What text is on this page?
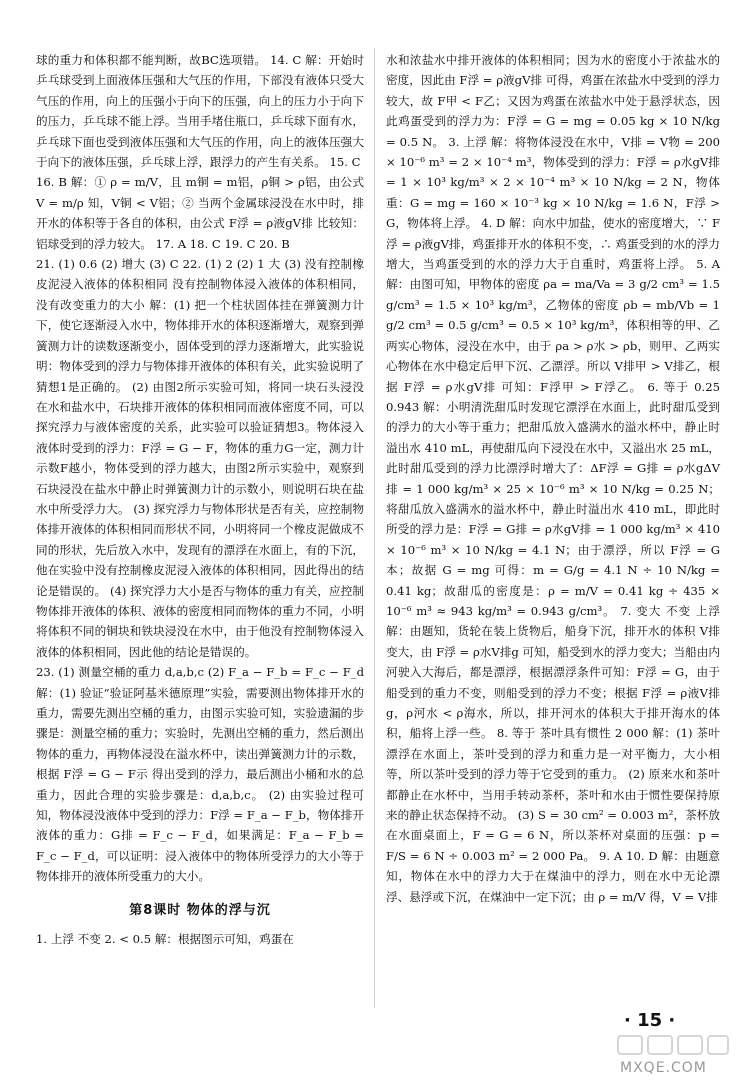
球的重力和体积都不能判断，故BC选项错。 14. C 解：开始时乒乓球受到上面液体压强和大气压的作用，下部没有液体只受大气压的作用，向上的压强小于向下的压强，向上的压力小于向下的压力，乒乓球不能上浮。当用手堵住瓶口，乒乓球下面有水，乒乓球下面也受到液体压强和大气压的作用，向上的液体压强大于向下的液体压强，乒乓球上浮，跟浮力的产生有关系。 15. C

16. B 解：① ρ = m/V，且 m铜 = m铝，ρ铜 > ρ铝，由公式 V = m/ρ 知，V铜 < V铝；② 当两个金属球浸没在水中时，排开水的体积等于各自的体积，由公式 F浮 = ρ液gV排 比较知：铝球受到的浮力较大。 17. A 18. C 19. C 20. B

21. (1) 0.6 (2) 增大 (3) C 22. (1) 2 (2) 1 大 (3) 没有控制橡皮泥浸入液体的体积相同 没有控制物体浸入液体的体积相同，没有改变重力的大小 解：(1) 把一个柱状固体挂在弹簧测力计下，使它逐渐浸入水中，物体排开水的体积逐渐增大，观察到弹簧测力计的读数逐渐变小，固体受到的浮力逐渐增大，此实验说明：物体受到的浮力与物体排开液体的体积有关，此实验说明了猜想1是正确的。 (2) 由图2所示实验可知，将同一块石头浸没在水和盐水中，石块排开液体的体积相同而液体密度不同，可以探究浮力与液体密度的关系，此实验可以验证猜想3。物体浸入液体时受到的浮力：F浮 = G − F，物体的重力G一定，测力计示数F越小，物体受到的浮力越大，由图2所示实验中，观察到石块浸没在盐水中静止时弹簧测力计的示数小，则说明石块在盐水中所受浮力大。 (3) 探究浮力与物体形状是否有关，应控制物体排开液体的体积相同而形状不同，小明将同一个橡皮泥做成不同的形状，先后放入水中，发现有的漂浮在水面上，有的下沉，他在实验中没有控制橡皮泥浸入液体的体积相同，因此得出的结论是错误的。 (4) 探究浮力大小是否与物体的重力有关，应控制物体排开液体的体积、液体的密度相同而物体的重力不同，小明将体积不同的铜块和铁块浸没在水中，由于他没有控制物体浸入液体的体积相同，因此他的结论是错误的。

23. (1) 测量空桶的重力 d,a,b,c (2) F_a − F_b = F_c − F_d 解：(1) 验证“验证阿基米德原理”实验，需要测出物体排开水的重力，需要先测出空桶的重力，由图示实验可知，实验遗漏的步骤是：测量空桶的重力；实验时，先测出空桶的重力，然后测出物体的重力，再物体浸没在溢水杯中，读出弹簧测力计的示数，根据 F浮 = G − F示 得出受到的浮力，最后测出小桶和水的总重力，因此合理的实验步骤是：d,a,b,c。 (2) 由实验过程可知，物体浸没液体中受到的浮力：F浮 = F_a − F_b，物体排开液体的重力：G排 = F_c − F_d，如果满足：F_a − F_b = F_c − F_d，可以证明：浸入液体中的物体所受浮力的大小等于物体排开的液体所受重力的大小。

第8课时 物体的浮与沉

1. 上浮 不变 2. < 0.5 解：根据图示可知，鸡蛋在

水和浓盐水中排开液体的体积相同；因为水的密度小于浓盐水的密度，因此由 F浮 = ρ液gV排 可得，鸡蛋在浓盐水中受到的浮力较大，故 F甲 < F乙；又因为鸡蛋在浓盐水中处于悬浮状态，因此鸡蛋受到的浮力为：F浮 = G = mg = 0.05 kg × 10 N/kg = 0.5 N。 3. 上浮 解：将物体浸没在水中，V排 = V物 = 200 × 10⁻⁶ m³ = 2 × 10⁻⁴ m³，物体受到的浮力：F浮 = ρ水gV排 = 1 × 10³ kg/m³ × 2 × 10⁻⁴ m³ × 10 N/kg = 2 N，物体重：G = mg = 160 × 10⁻³ kg × 10 N/kg = 1.6 N，F浮 > G，物体将上浮。 4. D 解：向水中加盐，使水的密度增大，∵ F浮 = ρ液gV排，鸡蛋排开水的体积不变，∴ 鸡蛋受到的水的浮力增大，当鸡蛋受到的水的浮力大于自重时，鸡蛋将上浮。 5. A 解：由图可知，甲物体的密度 ρa = ma/Va = 3 g/2 cm³ = 1.5 g/cm³ = 1.5 × 10³ kg/m³，乙物体的密度 ρb = mb/Vb = 1 g/2 cm³ = 0.5 g/cm³ = 0.5 × 10³ kg/m³，体积相等的甲、乙两实心物体，浸没在水中，由于 ρa > ρ水 > ρb，则甲、乙两实心物体在水中稳定后甲下沉、乙漂浮。所以 V排甲 > V排乙，根据 F浮 = ρ水gV排 可知：F浮甲 > F浮乙。 6. 等于 0.25 0.943 解：小明清洗甜瓜时发现它漂浮在水面上，此时甜瓜受到的浮力的大小等于重力；把甜瓜放入盛满水的溢水杯中，静止时溢出水 410 mL，再使甜瓜向下浸没在水中，又溢出水 25 mL，此时甜瓜受到的浮力比漂浮时增大了：ΔF浮 = G排 = ρ水gΔV排 = 1 000 kg/m³ × 25 × 10⁻⁶ m³ × 10 N/kg = 0.25 N；将甜瓜放入盛满水的溢水杯中，静止时溢出水 410 mL，即此时所受的浮力是：F浮 = G排 = ρ水gV排 = 1 000 kg/m³ × 410 × 10⁻⁶ m³ × 10 N/kg = 4.1 N；由于漂浮，所以 F浮 = G本；故据 G = mg 可得：m = G/g = 4.1 N ÷ 10 N/kg = 0.41 kg；故甜瓜的密度是：ρ = m/V = 0.41 kg ÷ 435 × 10⁻⁶ m³ ≈ 943 kg/m³ = 0.943 g/cm³。 7. 变大 不变 上浮 解：由题知，货轮在装上货物后，船身下沉，排开水的体积 V排 变大，由 F浮 = ρ水V排g 可知，船受到水的浮力变大；当船由内河驶入大海后，都是漂浮，根据漂浮条件可知：F浮 = G，由于船受到的重力不变，则船受到的浮力不变；根据 F浮 = ρ液V排g，ρ河水 < ρ海水，所以，排开河水的体积大于排开海水的体积，船将上浮一些。 8. 等于 茶叶具有惯性 2 000 解：(1) 茶叶漂浮在水面上，茶叶受到的浮力和重力是一对平衡力，大小相等，所以茶叶受到的浮力等于它受到的重力。 (2) 原来水和茶叶都静止在水杯中，当用手转动茶杯，茶叶和水由于惯性要保持原来的静止状态保持不动。 (3) S = 30 cm² = 0.003 m²，茶杯放在水面桌面上，F = G = 6 N，所以茶杯对桌面的压强：p = F/S = 6 N ÷ 0.003 m² = 2 000 Pa。 9. A 10. D 解：由题意知，物体在水中的浮力大于在煤油中的浮力，则在水中无论漂浮、悬浮或下沉，在煤油中一定下沉；由 ρ = m/V 得，V = V排

· 15 ·
MXQE.COM
